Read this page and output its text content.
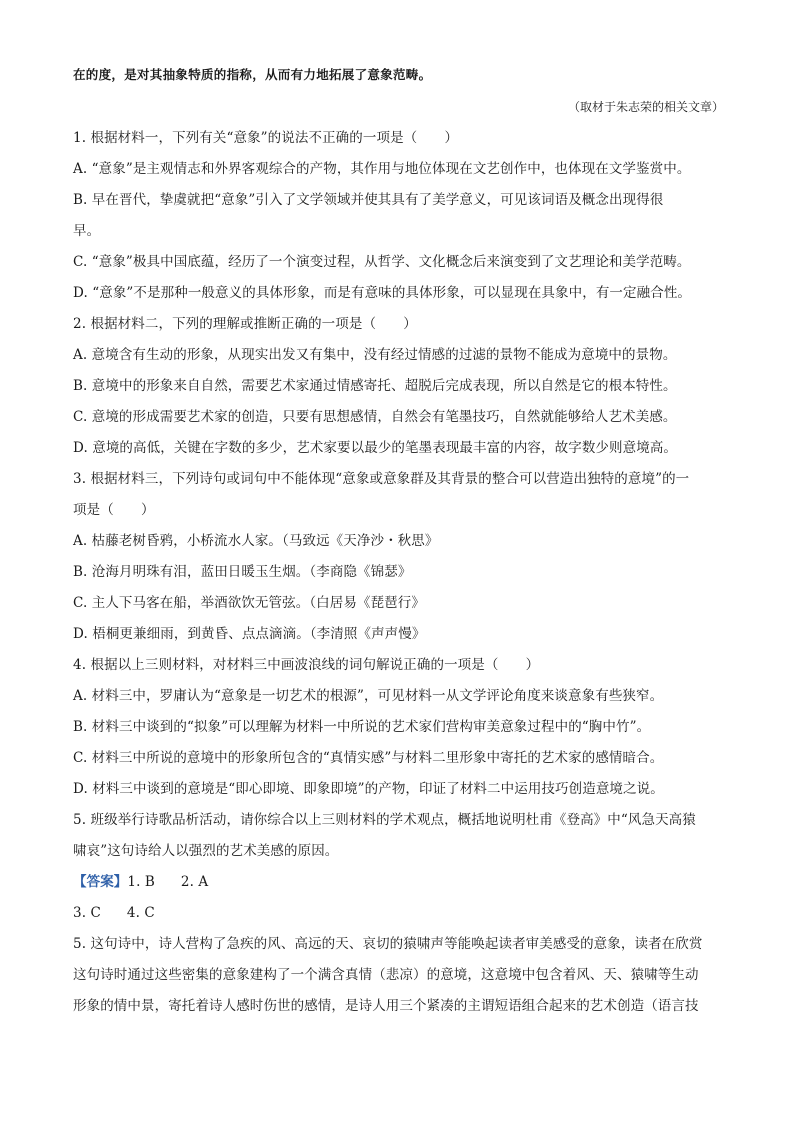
在的度，是对其抽象特质的指称，从而有力地拓展了意象范畴。
（取材于朱志荣的相关文章）
1. 根据材料一，下列有关“意象”的说法不正确的一项是（　　）
A. “意象”是主观情志和外界客观综合的产物，其作用与地位体现在文艺创作中，也体现在文学鉴赏中。
B. 早在晋代，挚虞就把“意象”引入了文学领域并使其具有了美学意义，可见该词语及概念出现得很
早。
C. “意象”极具中国底蕴，经历了一个演变过程，从哲学、文化概念后来演变到了文艺理论和美学范畴。
D. “意象”不是那种一般意义的具体形象，而是有意味的具体形象，可以显现在具象中，有一定融合性。
2. 根据材料二，下列的理解或推断正确的一项是（　　）
A. 意境含有生动的形象，从现实出发又有集中，没有经过情感的过滤的景物不能成为意境中的景物。
B. 意境中的形象来自自然，需要艺术家通过情感寄托、超脱后完成表现，所以自然是它的根本特性。
C. 意境的形成需要艺术家的创造，只要有思想感情，自然会有笔墨技巧，自然就能够给人艺术美感。
D. 意境的高低，关键在字数的多少，艺术家要以最少的笔墨表现最丰富的内容，故字数少则意境高。
3. 根据材料三，下列诗句或词句中不能体现“意象或意象群及其背景的整合可以营造出独特的意境”的一
项是（　　）
A. 枯藤老树昏鸦，小桥流水人家。（马致远《天净沙・秋思》
B. 沧海月明珠有泪，蓝田日暖玉生烟。（李商隐《锦瑟》
C. 主人下马客在船，举酒欲饮无管弦。（白居易《琵琶行》
D. 梧桐更兼细雨，到黄昏、点点滴滴。（李清照《声声慢》
4. 根据以上三则材料，对材料三中画波浪线的词句解说正确的一项是（　　）
A. 材料三中，罗庸认为“意象是一切艺术的根源”，可见材料一从文学评论角度来谈意象有些狭窄。
B. 材料三中谈到的“拟象”可以理解为材料一中所说的艺术家们营构审美意象过程中的“胸中竹”。
C. 材料三中所说的意境中的形象所包含的“真情实感”与材料二里形象中寄托的艺术家的感情暗合。
D. 材料三中谈到的意境是“即心即境、即象即境”的产物，印证了材料二中运用技巧创造意境之说。
5. 班级举行诗歌品析活动，请你综合以上三则材料的学术观点，概括地说明杜甫《登高》中“风急天高猿
啸哀”这句诗给人以强烈的艺术美感的原因。
【答案】1. B 2. A
3. C 4. C
5. 这句诗中，诗人营构了急疾的风、高远的天、哀切的猿啸声等能唤起读者审美感受的意象，读者在欣赏
这句诗时通过这些密集的意象建构了一个满含真情（悲凉）的意境，这意境中包含着风、天、猿啸等生动
形象的情中景，寄托着诗人感时伤世的感情，是诗人用三个紧凑的主谓短语组合起来的艺术创造（语言技
